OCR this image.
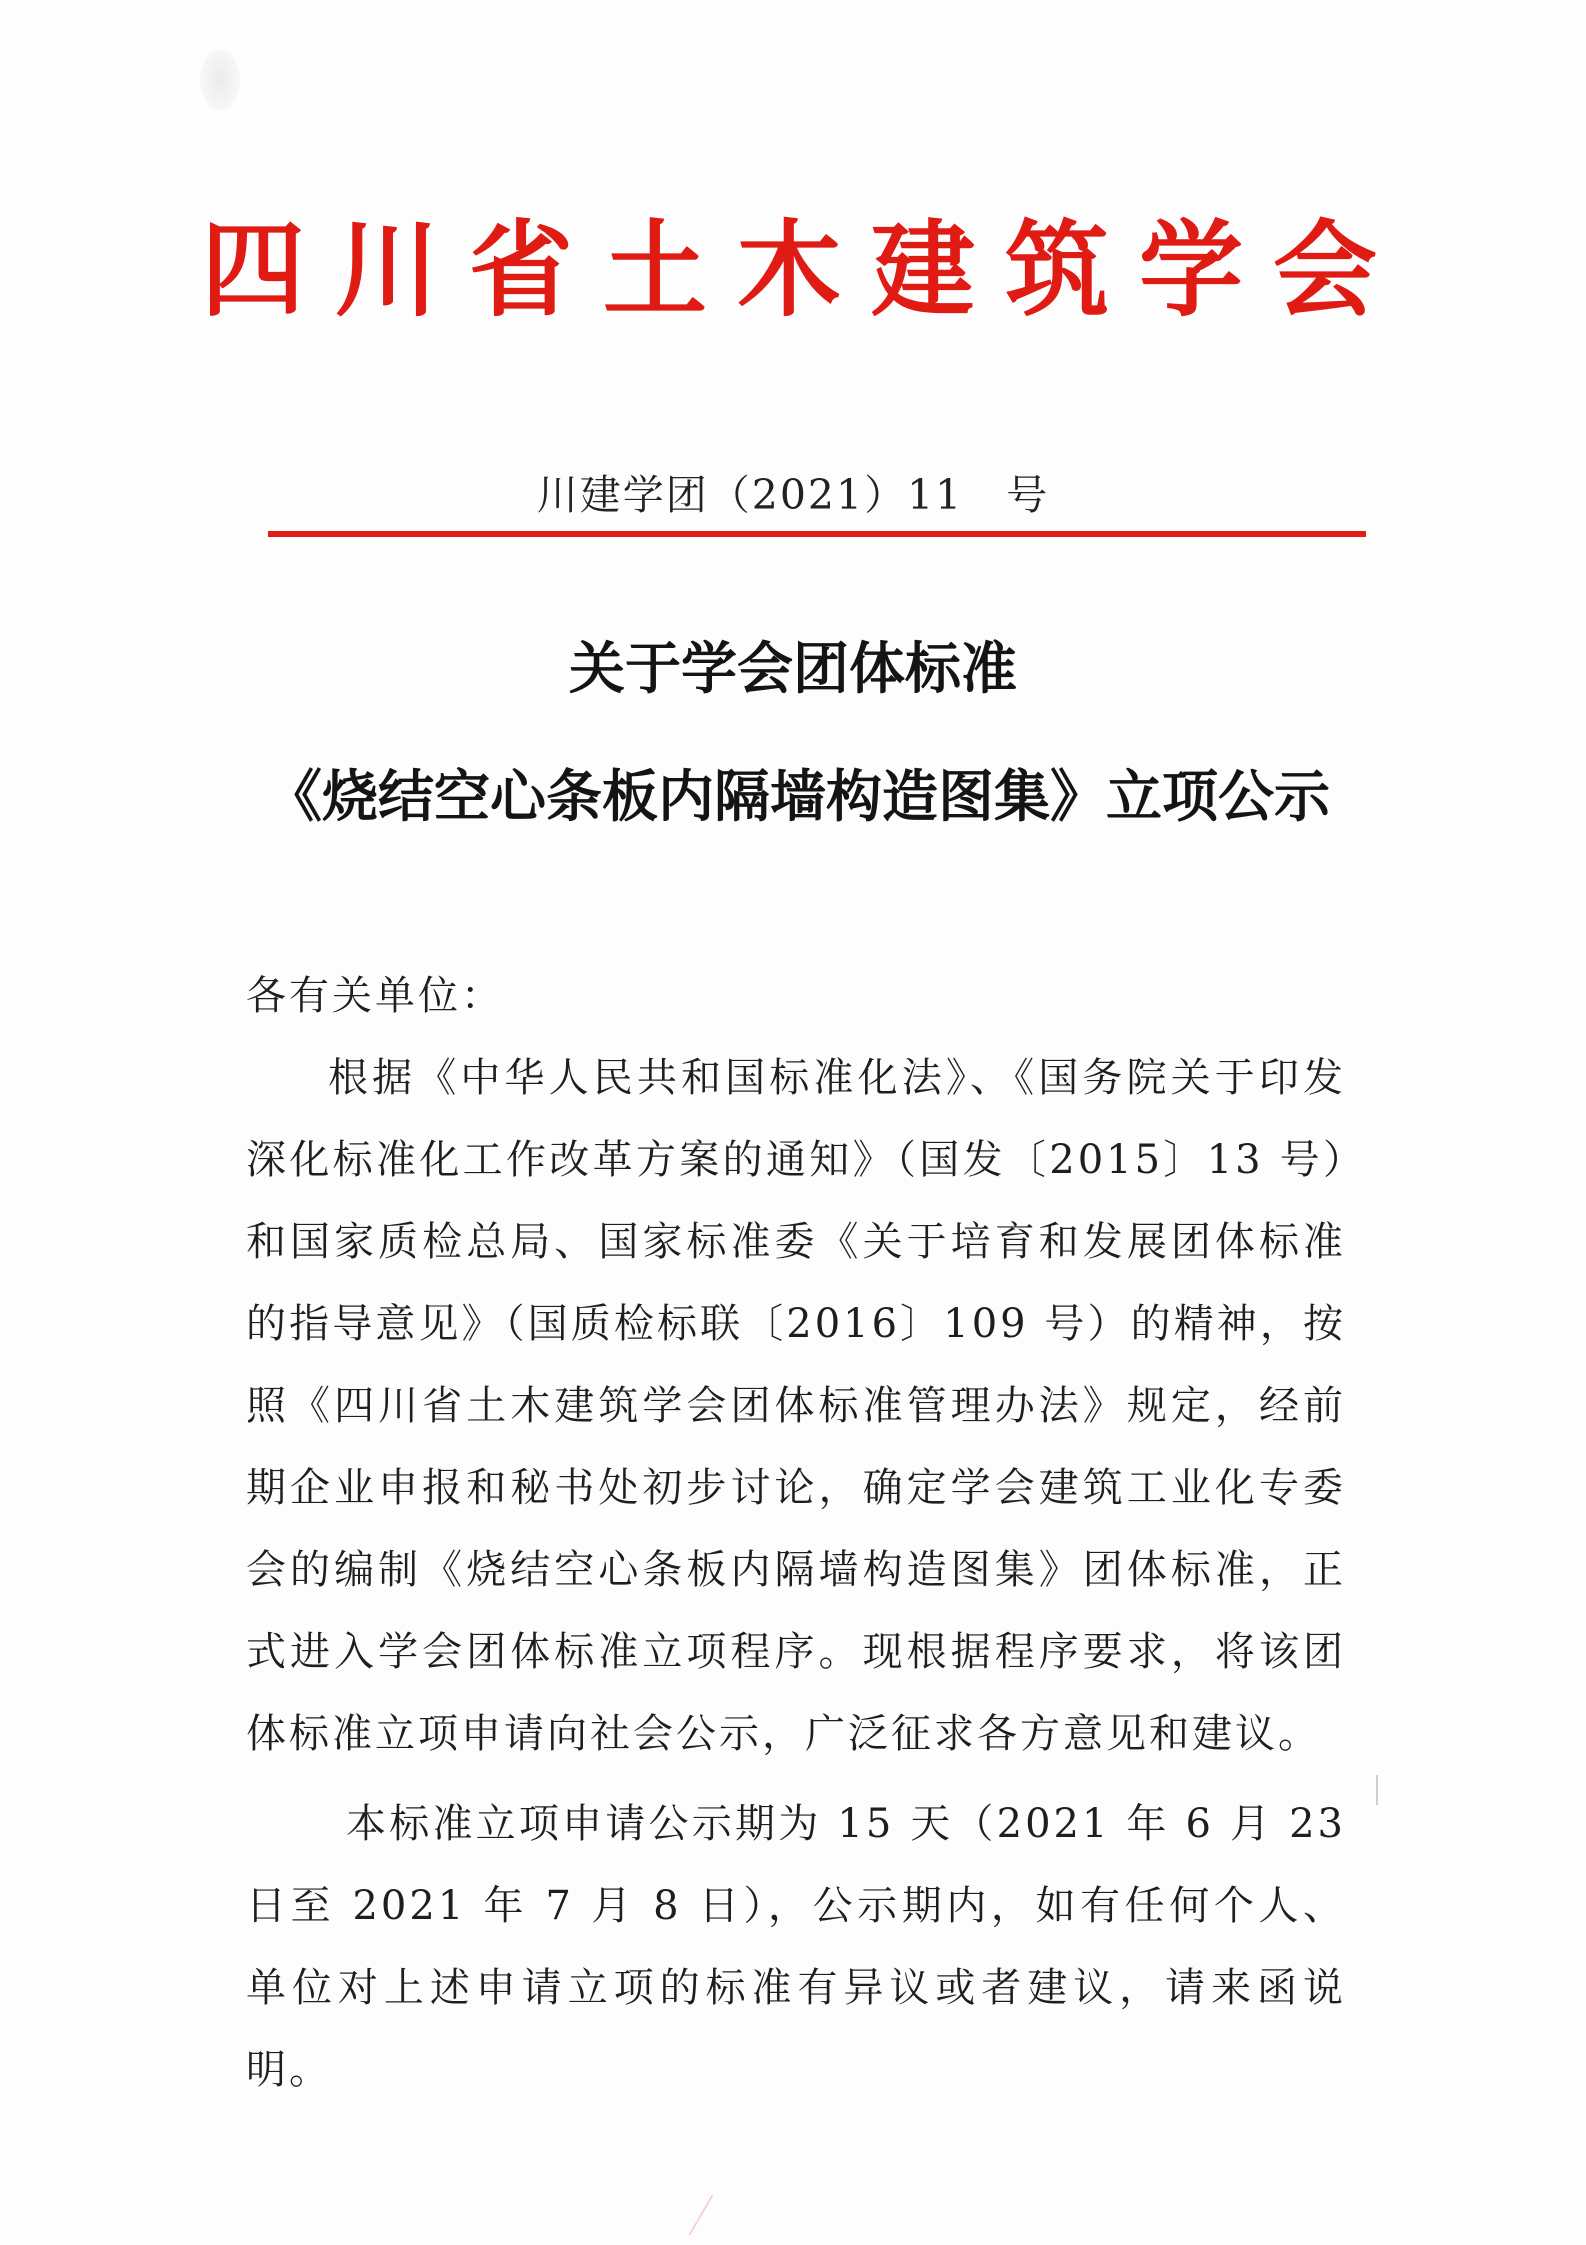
四川省土木建筑学会
川建学团（2021）11　号
关于学会团体标准
《烧结空心条板内隔墙构造图集》立项公示

各有关单位：

根据《中华人民共和国标准化法》、《国务院关于印发深化标准化工作改革方案的通知》（国发〔2015〕13 号）和国家质检总局、国家标准委《关于培育和发展团体标准的指导意见》（国质检标联〔2016〕109 号）的精神，按照《四川省土木建筑学会团体标准管理办法》规定，经前期企业申报和秘书处初步讨论，确定学会建筑工业化专委会的编制《烧结空心条板内隔墙构造图集》团体标准，正式进入学会团体标准立项程序。现根据程序要求，将该团体标准立项申请向社会公示，广泛征求各方意见和建议。

本标准立项申请公示期为 15 天（2021 年 6 月 23 日至 2021 年 7 月 8 日），公示期内，如有任何个人、单位对上述申请立项的标准有异议或者建议，请来函说明。
